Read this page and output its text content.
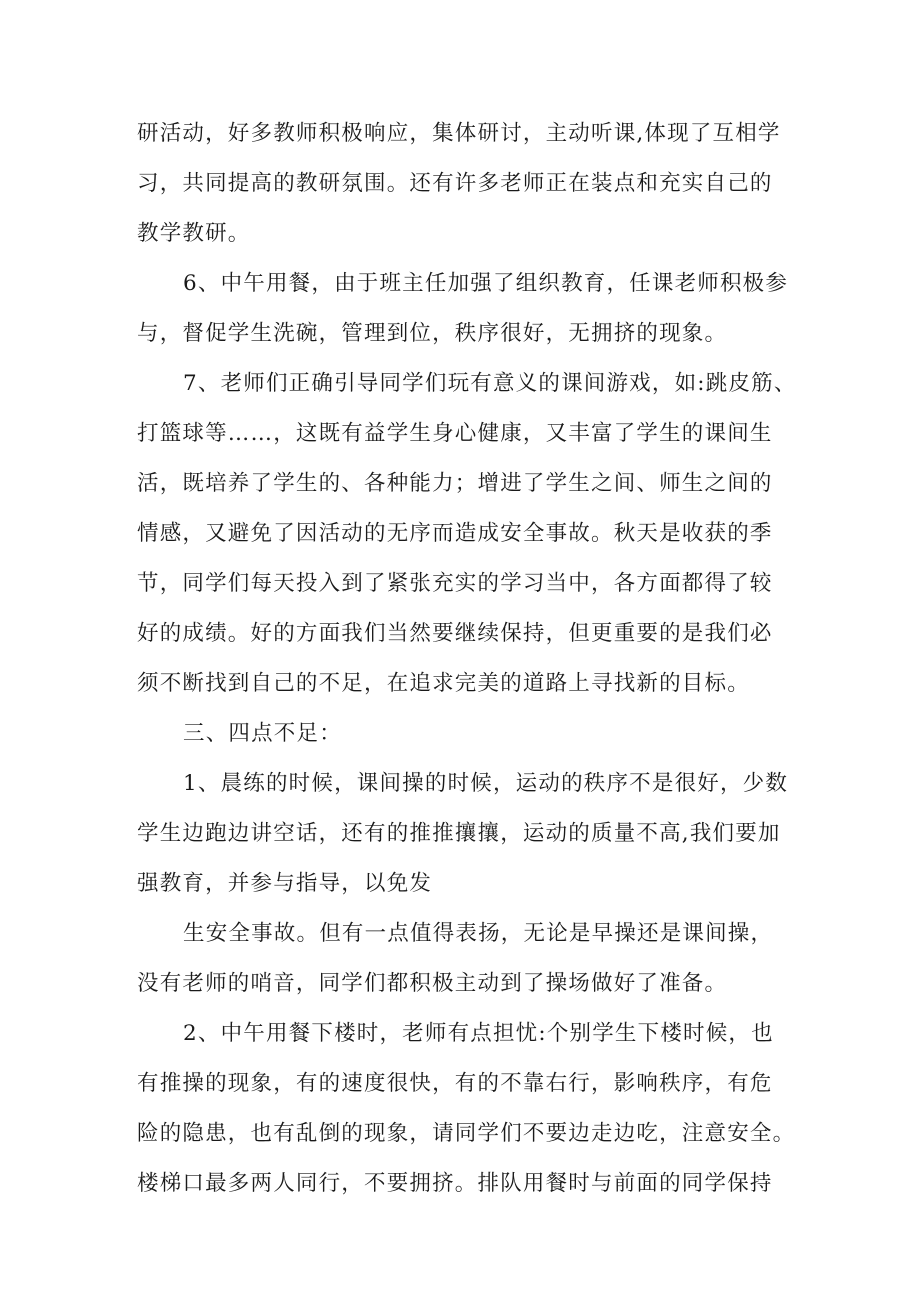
研活动，好多教师积极响应，集体研讨，主动听课,体现了互相学
习，共同提高的教研氛围。还有许多老师正在装点和充实自己的
教学教研。
6、中午用餐，由于班主任加强了组织教育，任课老师积极参
与，督促学生洗碗，管理到位，秩序很好，无拥挤的现象。
7、老师们正确引导同学们玩有意义的课间游戏，如:跳皮筋、
打篮球等……，这既有益学生身心健康，又丰富了学生的课间生
活，既培养了学生的、各种能力；增进了学生之间、师生之间的
情感，又避免了因活动的无序而造成安全事故。秋天是收获的季
节，同学们每天投入到了紧张充实的学习当中，各方面都得了较
好的成绩。好的方面我们当然要继续保持，但更重要的是我们必
须不断找到自己的不足，在追求完美的道路上寻找新的目标。
三、四点不足：
1、晨练的时候，课间操的时候，运动的秩序不是很好，少数
学生边跑边讲空话，还有的推推攘攘，运动的质量不高,我们要加
强教育，并参与指导，以免发
生安全事故。但有一点值得表扬，无论是早操还是课间操，
没有老师的哨音，同学们都积极主动到了操场做好了准备。
2、中午用餐下楼时，老师有点担忧:个别学生下楼时候，也
有推操的现象，有的速度很快，有的不靠右行，影响秩序，有危
险的隐患，也有乱倒的现象，请同学们不要边走边吃，注意安全。
楼梯口最多两人同行，不要拥挤。排队用餐时与前面的同学保持
